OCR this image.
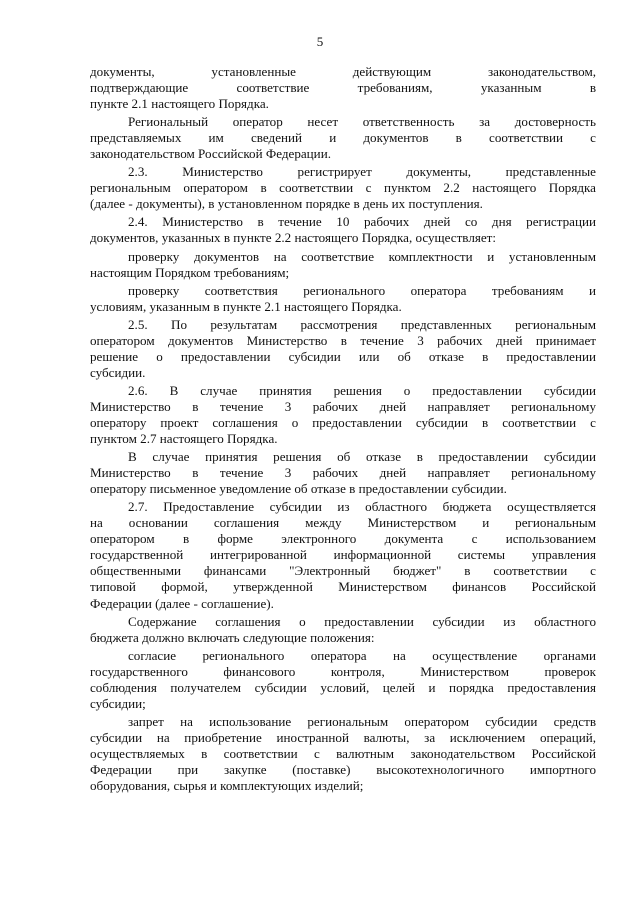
5
документы, установленные действующим законодательством,
подтверждающие соответствие требованиям, указанным в
пункте 2.1 настоящего Порядка.
Региональный оператор несет ответственность за достоверность
представляемых им сведений и документов в соответствии с
законодательством Российской Федерации.
2.3. Министерство регистрирует документы, представленные
региональным оператором в соответствии с пунктом 2.2 настоящего Порядка
(далее - документы), в установленном порядке в день их поступления.
2.4. Министерство в течение 10 рабочих дней со дня регистрации
документов, указанных в пункте 2.2 настоящего Порядка, осуществляет:
проверку документов на соответствие комплектности и установленным
настоящим Порядком требованиям;
проверку соответствия регионального оператора требованиям и
условиям, указанным в пункте 2.1 настоящего Порядка.
2.5. По результатам рассмотрения представленных региональным
оператором документов Министерство в течение 3 рабочих дней принимает
решение о предоставлении субсидии или об отказе в предоставлении
субсидии.
2.6. В случае принятия решения о предоставлении субсидии
Министерство в течение 3 рабочих дней направляет региональному
оператору проект соглашения о предоставлении субсидии в соответствии с
пунктом 2.7 настоящего Порядка.
В случае принятия решения об отказе в предоставлении субсидии
Министерство в течение 3 рабочих дней направляет региональному
оператору письменное уведомление об отказе в предоставлении субсидии.
2.7. Предоставление субсидии из областного бюджета осуществляется
на основании соглашения между Министерством и региональным
оператором в форме электронного документа с использованием
государственной интегрированной информационной системы управления
общественными финансами "Электронный бюджет" в соответствии с
типовой формой, утвержденной Министерством финансов Российской
Федерации (далее - соглашение).
Содержание соглашения о предоставлении субсидии из областного
бюджета должно включать следующие положения:
согласие регионального оператора на осуществление органами
государственного финансового контроля, Министерством проверок
соблюдения получателем субсидии условий, целей и порядка предоставления
субсидии;
запрет на использование региональным оператором субсидии средств
субсидии на приобретение иностранной валюты, за исключением операций,
осуществляемых в соответствии с валютным законодательством Российской
Федерации при закупке (поставке) высокотехнологичного импортного
оборудования, сырья и комплектующих изделий;
